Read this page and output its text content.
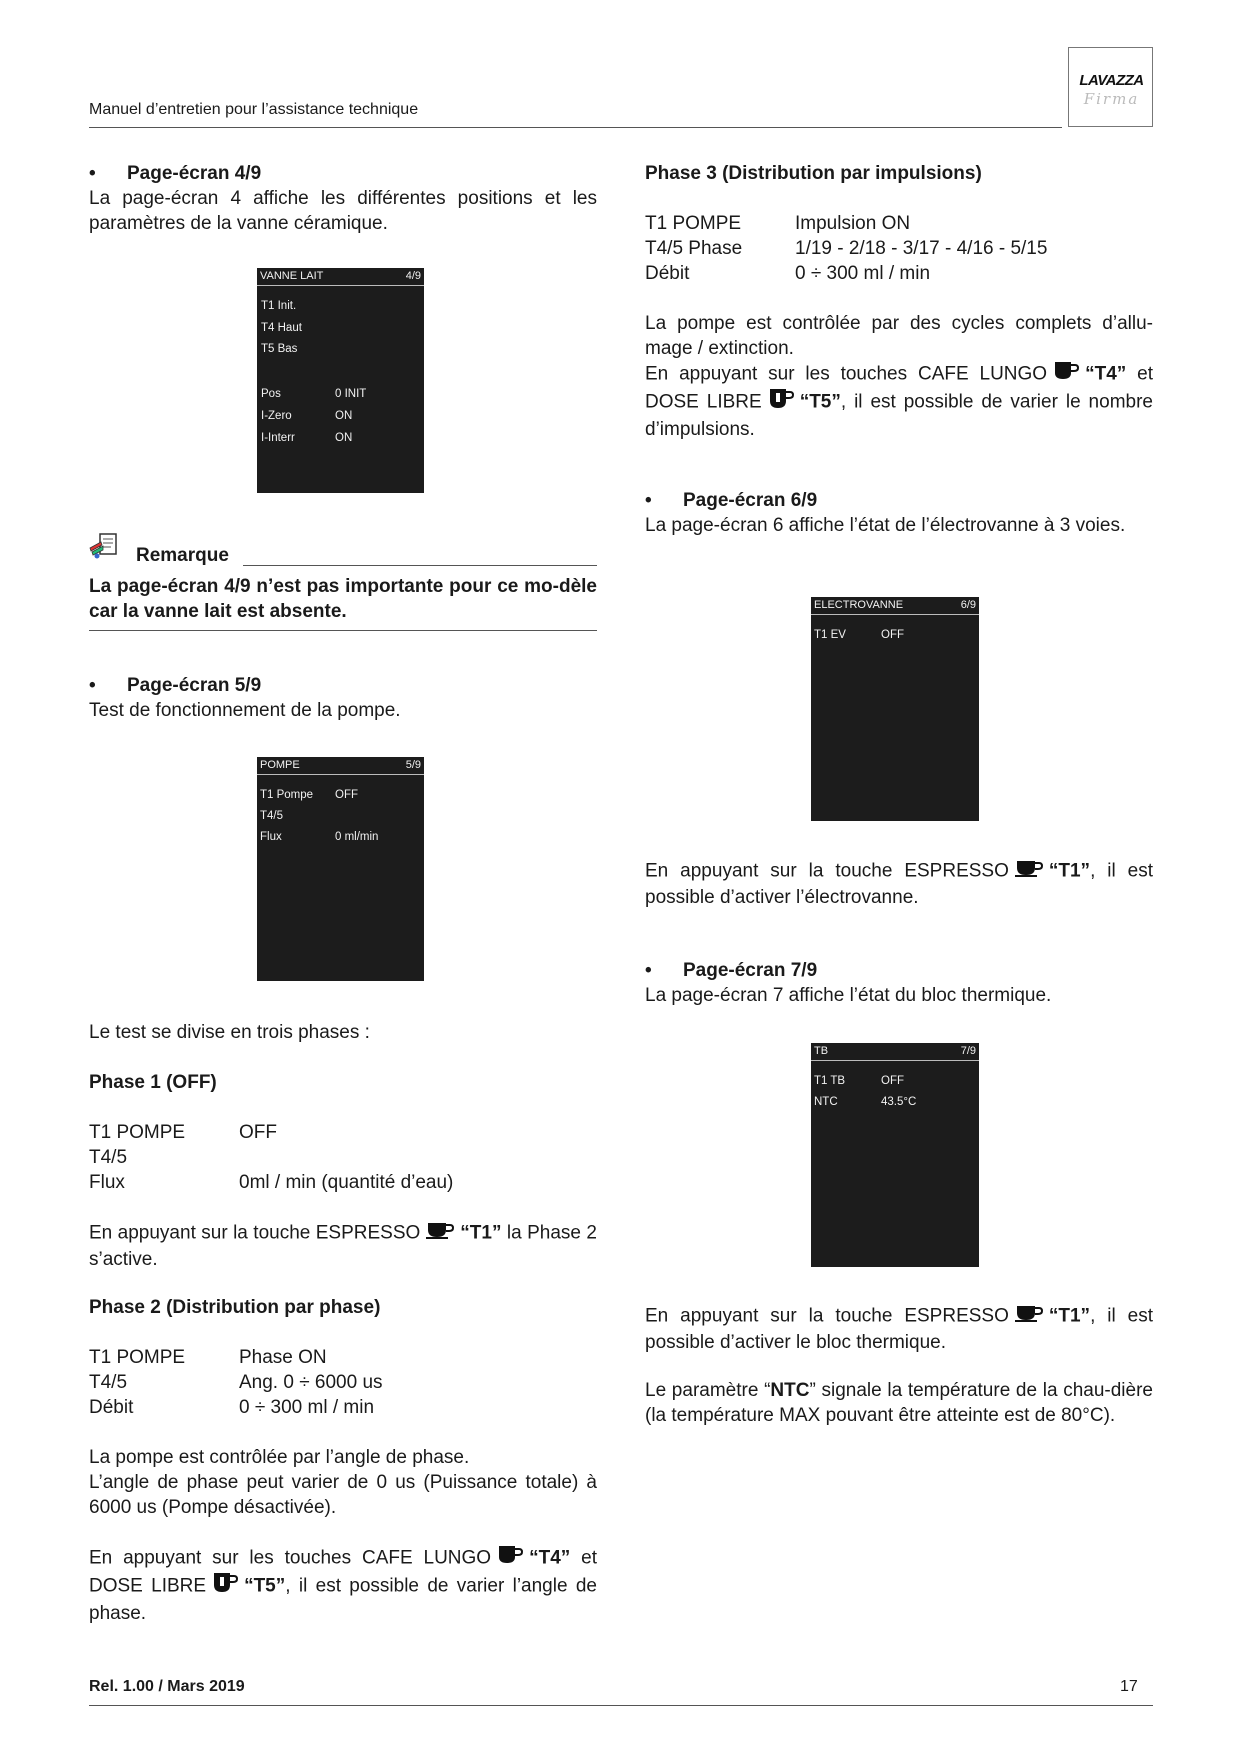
Manuel d’entretien pour l’assistance technique
LAVAZZA
Firma
• Page-écran 4/9

La page-écran 4 affiche les différentes positions et les paramètres de la vanne céramique.

VANNE LAIT	4/9
T1 Init.
T4 Haut
T5 Bas
Pos	0 INIT
I-Zero	ON
I-Interr	ON
Remarque

La page-écran 4/9 n’est pas importante pour ce mo-dèle car la vanne lait est absente.

• Page-écran 5/9

Test de fonctionnement de la pompe.

POMPE	5/9
T1 Pompe OFF
T4/5
Flux	0 ml/min

Le test se divise en trois phases :

Phase 1 (OFF)

T1 POMPE	OFF
T4/5
Flux	0ml / min (quantité d’eau)

En appuyant sur la touche ESPRESSO “T1” la Phase 2 s’active.

Phase 2 (Distribution par phase)

T1 POMPE	Phase ON
T4/5	Ang. 0 ÷ 6000 us
Débit	0 ÷ 300 ml / min

La pompe est contrôlée par l’angle de phase.

L’angle de phase peut varier de 0 us (Puissance totale) à 6000 us (Pompe désactivée).

En appuyant sur les touches CAFE LUNGO “T4” et DOSE LIBRE “T5”, il est possible de varier l’angle de phase.

Phase 3 (Distribution par impulsions)

T1 POMPE	Impulsion ON
T4/5 Phase	1/19 - 2/18 - 3/17 - 4/16 - 5/15
Débit	0 ÷ 300 ml / min

La pompe est contrôlée par des cycles complets d’allu-mage / extinction.

En appuyant sur les touches CAFE LUNGO “T4” et DOSE LIBRE “T5”, il est possible de varier le nombre d’impulsions.

• Page-écran 6/9

La page-écran 6 affiche l’état de l’électrovanne à 3 voies.

ELECTROVANNE	6/9
T1 EV	OFF

En appuyant sur la touche ESPRESSO “T1”, il est possible d’activer l’électrovanne.

• Page-écran 7/9

La page-écran 7 affiche l’état du bloc thermique.

TB	7/9
T1 TB	OFF
NTC	43.5°C

En appuyant sur la touche ESPRESSO “T1”, il est possible d’activer le bloc thermique.

Le paramètre “NTC” signale la température de la chau-dière (la température MAX pouvant être atteinte est de 80°C).

Rel. 1.00 / Mars 2019	17
